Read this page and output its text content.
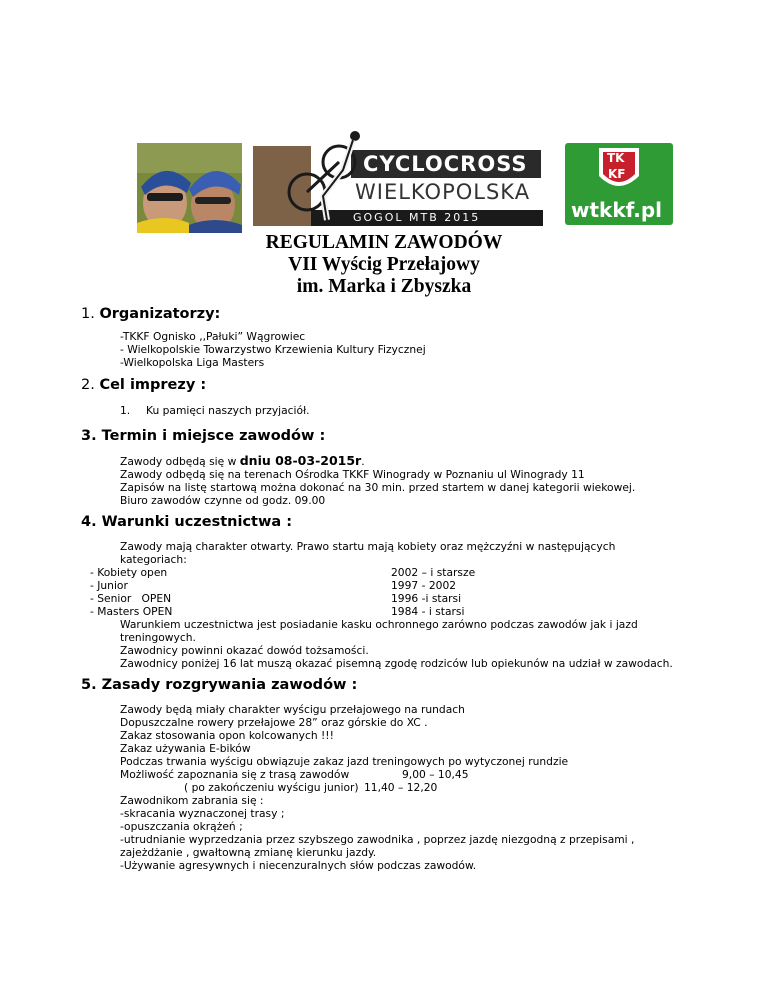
CYCLOCROSS
WIELKOPOLSKA
GOGOL MTB 2015
TK
KF
wtkkf.pl
REGULAMIN ZAWODÓW
VII Wyścig Przełajowy
im. Marka i Zbyszka
1. Organizatorzy:
-TKKF Ognisko ,,Pałuki” Wągrowiec
- Wielkopolskie Towarzystwo Krzewienia Kultury Fizycznej
-Wielkopolska Liga Masters
2. Cel imprezy :
1. Ku pamięci naszych przyjaciół.
3. Termin i miejsce zawodów :
Zawody odbędą się w dniu 08-03-2015r.
Zawody odbędą się na terenach Ośrodka TKKF Winogrady w Poznaniu ul Winogrady 11
Zapisów na listę startową można dokonać na 30 min. przed startem w danej kategorii wiekowej.
Biuro zawodów czynne od godz. 09.00
4. Warunki uczestnictwa :
Zawody mają charakter otwarty. Prawo startu mają kobiety oraz mężczyźni w następujących
kategoriach:
- Kobiety open	2002 – i starsze
- Junior	1997 - 2002
- Senior   OPEN	1996 -i starsi
- Masters OPEN	1984 - i starsi
Warunkiem uczestnictwa jest posiadanie kasku ochronnego zarówno podczas zawodów jak i jazd
treningowych.
Zawodnicy powinni okazać dowód tożsamości.
Zawodnicy poniżej 16 lat muszą okazać pisemną zgodę rodziców lub opiekunów na udział w zawodach.
5. Zasady rozgrywania zawodów :
Zawody będą miały charakter wyścigu przełajowego na rundach
Dopuszczalne rowery przełajowe 28” oraz górskie do XC .
Zakaz stosowania opon kolcowanych !!!
Zakaz używania E-bików
Podczas trwania wyścigu obwiązuje zakaz jazd treningowych po wytyczonej rundzie
Możliwość zapoznania się z trasą zawodów	9,00 – 10,45
( po zakończeniu wyścigu junior) 11,40 – 12,20
Zawodnikom zabrania się :
-skracania wyznaczonej trasy ;
-opuszczania okrążeń ;
-utrudnianie wyprzedzania przez szybszego zawodnika , poprzez jazdę niezgodną z przepisami ,
zajeżdżanie , gwałtowną zmianę kierunku jazdy.
-Używanie agresywnych i niecenzuralnych słów podczas zawodów.
